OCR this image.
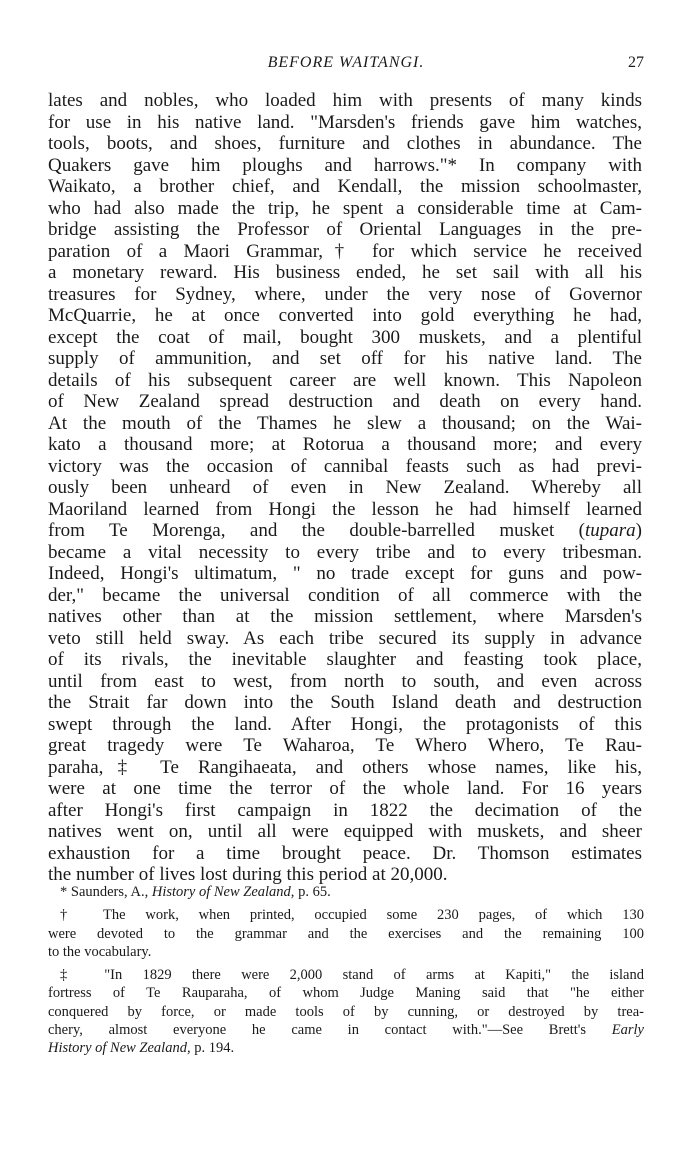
BEFORE WAITANGI.	27
lates and nobles, who loaded him with presents of many kinds
for use in his native land. "Marsden's friends gave him watches,
tools, boots, and shoes, furniture and clothes in abundance. The
Quakers gave him ploughs and harrows."* In company with
Waikato, a brother chief, and Kendall, the mission schoolmaster,
who had also made the trip, he spent a considerable time at Cam-
bridge assisting the Professor of Oriental Languages in the pre-
paration of a Maori Grammar,† for which service he received
a monetary reward. His business ended, he set sail with all his
treasures for Sydney, where, under the very nose of Governor
McQuarrie, he at once converted into gold everything he had,
except the coat of mail, bought 300 muskets, and a plentiful
supply of ammunition, and set off for his native land. The
details of his subsequent career are well known. This Napoleon
of New Zealand spread destruction and death on every hand.
At the mouth of the Thames he slew a thousand; on the Wai-
kato a thousand more; at Rotorua a thousand more; and every
victory was the occasion of cannibal feasts such as had previ-
ously been unheard of even in New Zealand. Whereby all
Maoriland learned from Hongi the lesson he had himself learned
from Te Morenga, and the double-barrelled musket (tupara)
became a vital necessity to every tribe and to every tribesman.
Indeed, Hongi's ultimatum, " no trade except for guns and pow-
der," became the universal condition of all commerce with the
natives other than at the mission settlement, where Marsden's
veto still held sway. As each tribe secured its supply in advance
of its rivals, the inevitable slaughter and feasting took place,
until from east to west, from north to south, and even across
the Strait far down into the South Island death and destruction
swept through the land. After Hongi, the protagonists of this
great tragedy were Te Waharoa, Te Whero Whero, Te Rau-
paraha,‡ Te Rangihaeata, and others whose names, like his,
were at one time the terror of the whole land. For 16 years
after Hongi's first campaign in 1822 the decimation of the
natives went on, until all were equipped with muskets, and sheer
exhaustion for a time brought peace. Dr. Thomson estimates
the number of lives lost during this period at 20,000.
* Saunders, A., History of New Zealand, p. 65.
† The work, when printed, occupied some 230 pages, of which 130
were devoted to the grammar and the exercises and the remaining 100
to the vocabulary.
‡ "In 1829 there were 2,000 stand of arms at Kapiti," the island
fortress of Te Rauparaha, of whom Judge Maning said that "he either
conquered by force, or made tools of by cunning, or destroyed by trea-
chery, almost everyone he came in contact with."—See Brett's Early
History of New Zealand, p. 194.
